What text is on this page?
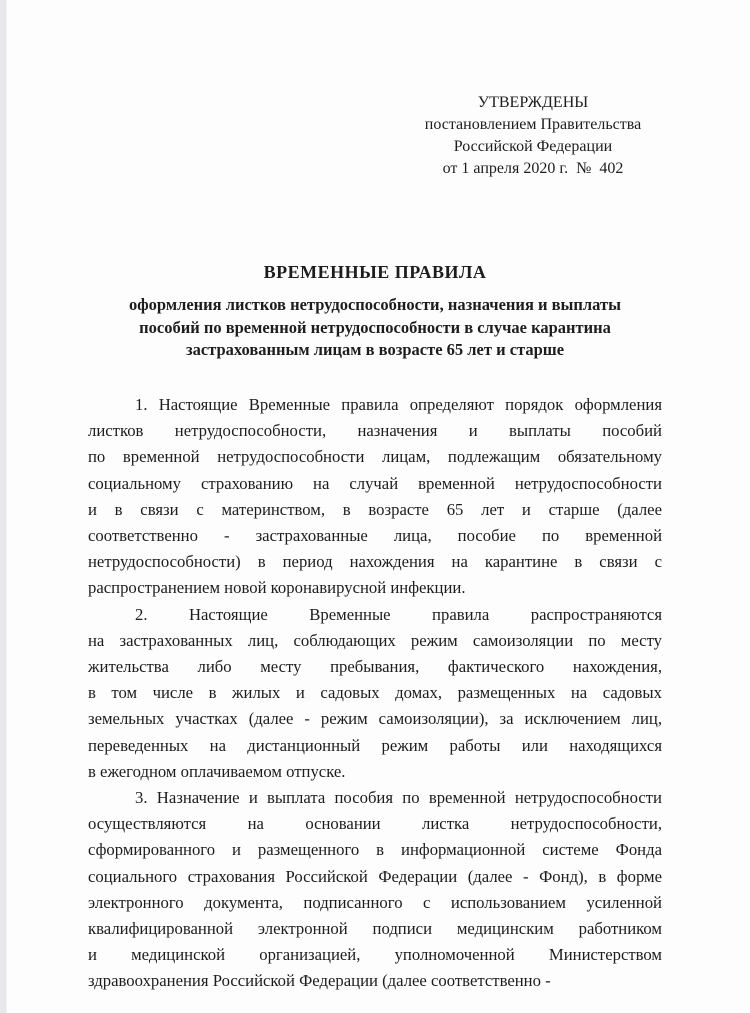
УТВЕРЖДЕНЫ
постановлением Правительства
Российской Федерации
от 1 апреля 2020 г.  №  402
ВРЕМЕННЫЕ ПРАВИЛА
оформления листков нетрудоспособности, назначения и выплаты
пособий по временной нетрудоспособности в случае карантина
застрахованным лицам в возрасте 65 лет и старше
1. Настоящие Временные правила определяют порядок оформления
листков нетрудоспособности, назначения и выплаты пособий
по временной нетрудоспособности лицам, подлежащим обязательному
социальному страхованию на случай временной нетрудоспособности
и в связи с материнством, в возрасте 65 лет и старше (далее
соответственно - застрахованные лица, пособие по временной
нетрудоспособности) в период нахождения на карантине в связи с
распространением новой коронавирусной инфекции.
2. Настоящие Временные правила распространяются
на застрахованных лиц, соблюдающих режим самоизоляции по месту
жительства либо месту пребывания, фактического нахождения,
в том числе в жилых и садовых домах, размещенных на садовых
земельных участках (далее - режим самоизоляции), за исключением лиц,
переведенных на дистанционный режим работы или находящихся
в ежегодном оплачиваемом отпуске.
3. Назначение и выплата пособия по временной нетрудоспособности
осуществляются на основании листка нетрудоспособности,
сформированного и размещенного в информационной системе Фонда
социального страхования Российской Федерации (далее - Фонд), в форме
электронного документа, подписанного с использованием усиленной
квалифицированной электронной подписи медицинским работником
и медицинской организацией, уполномоченной Министерством
здравоохранения Российской Федерации (далее соответственно -
